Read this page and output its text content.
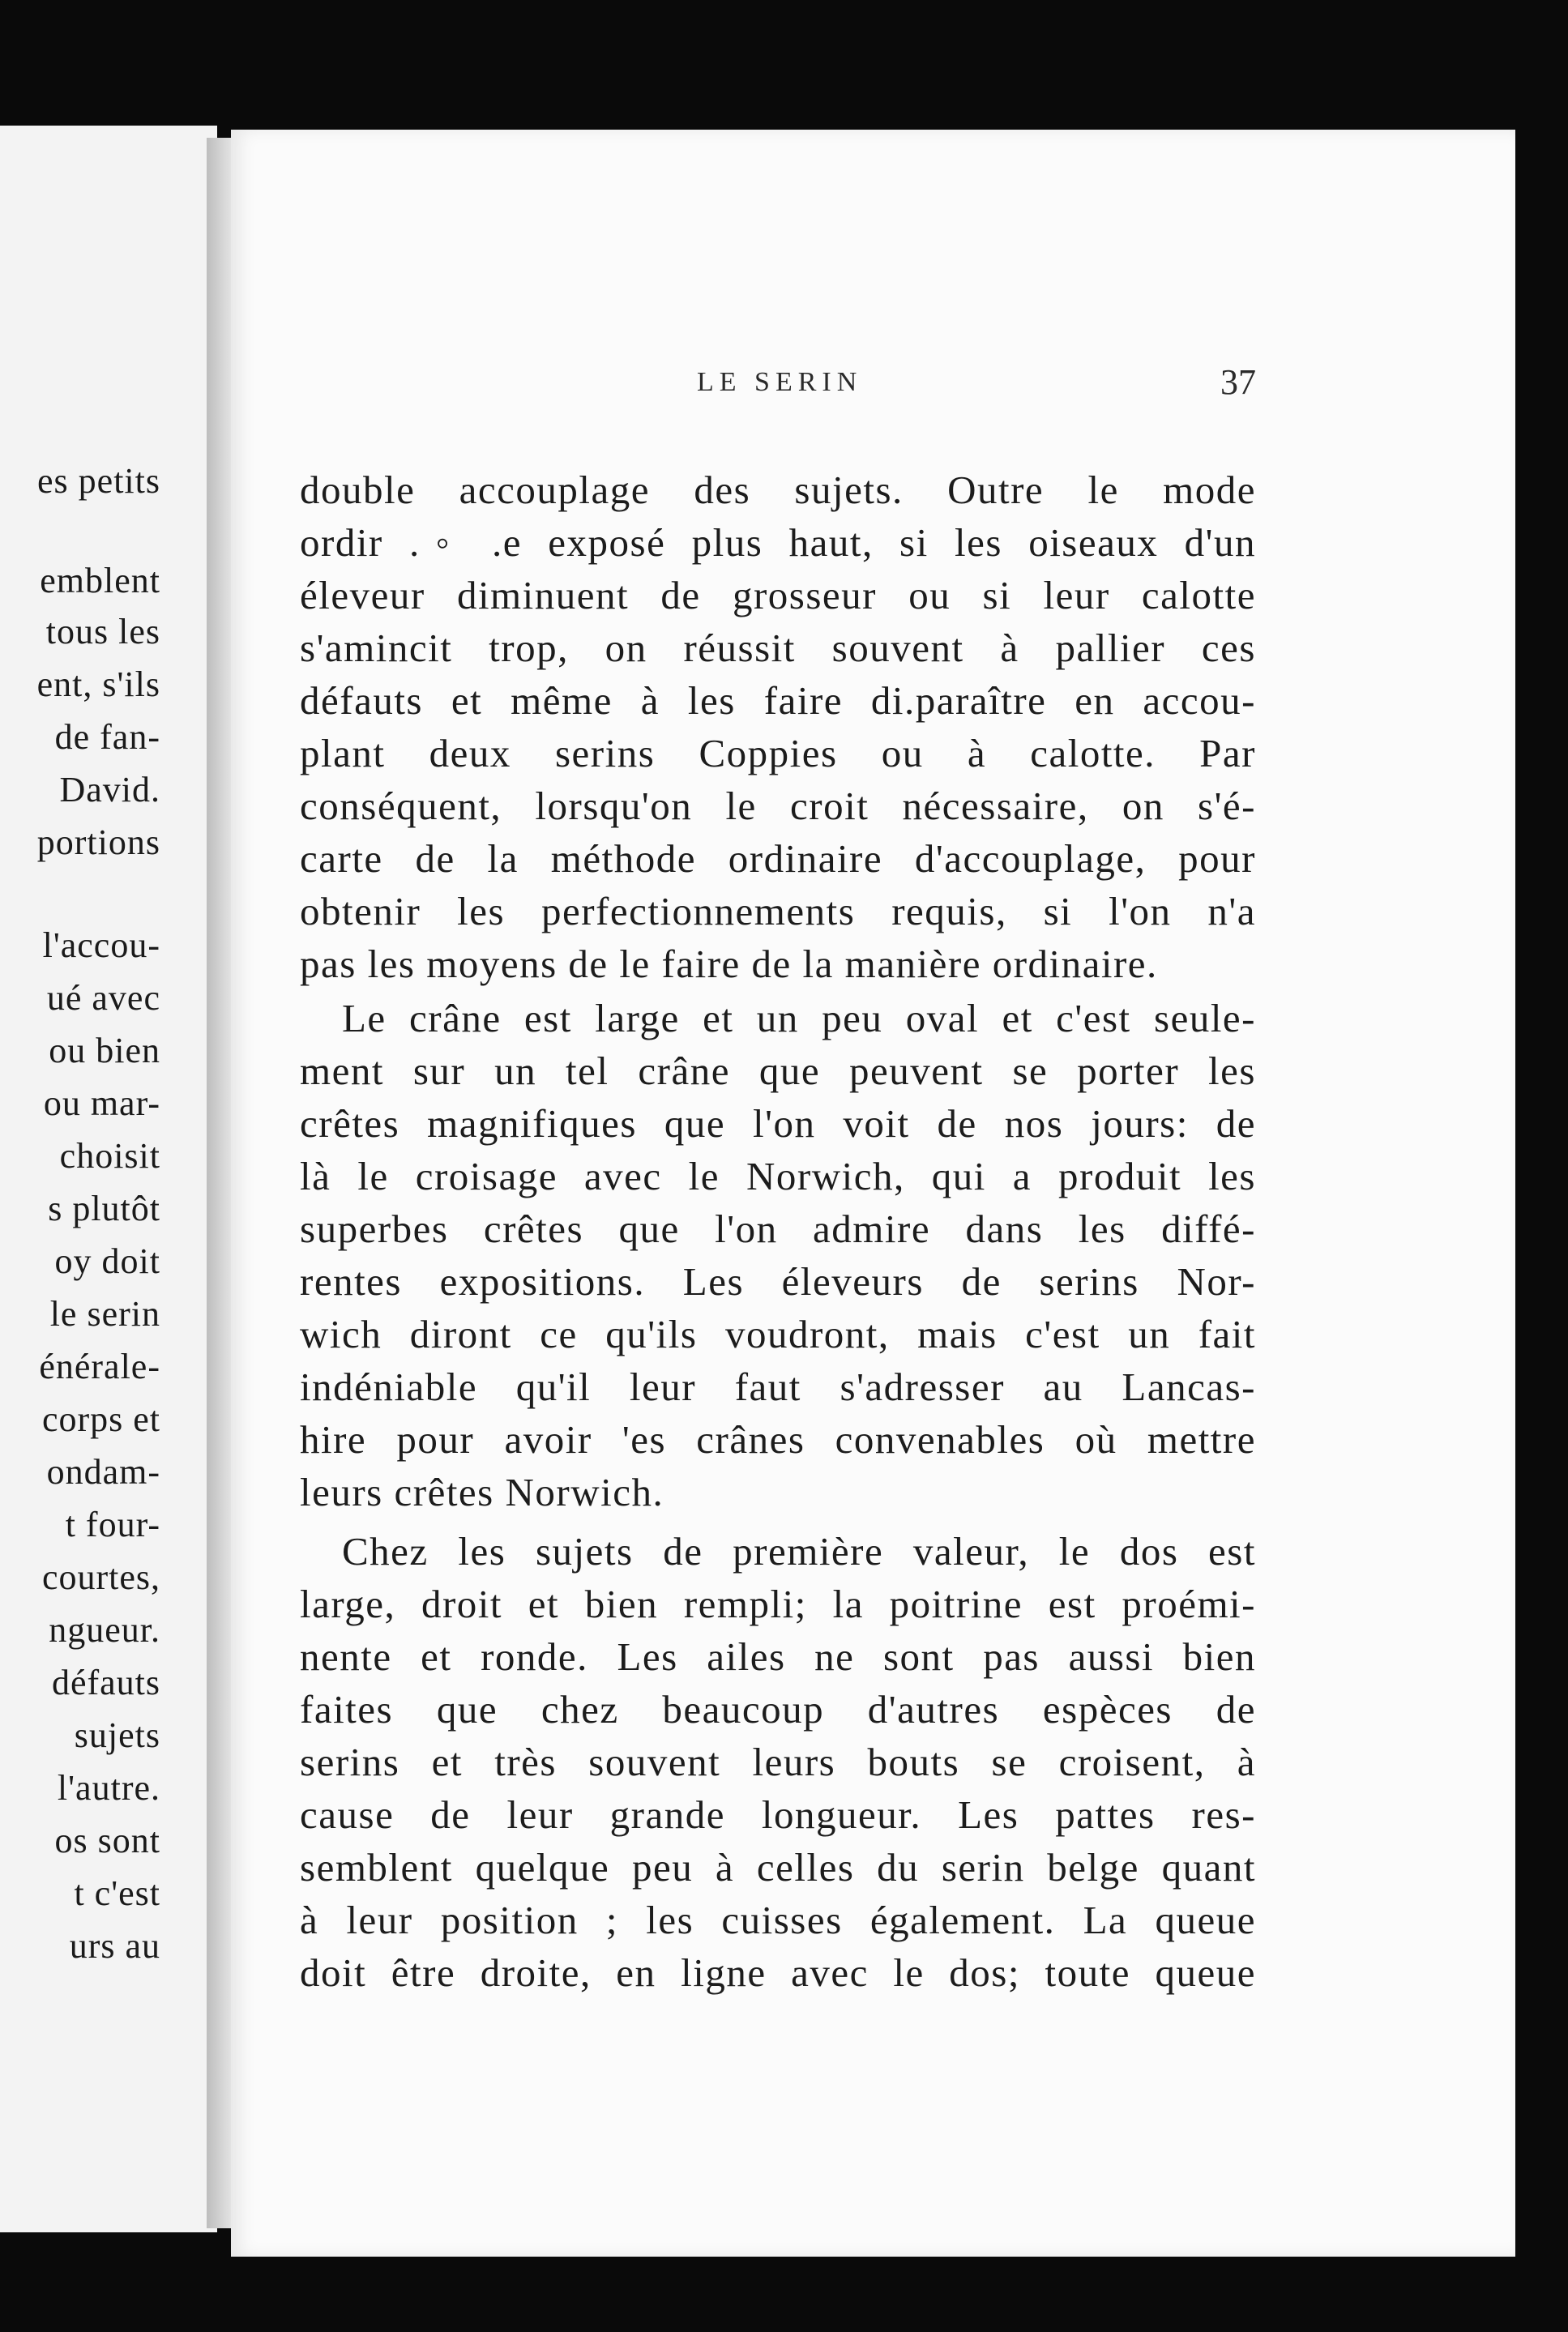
es petits
emblent
tous les
ent, s'ils
de fan-
David.
portions
l'accou-
ué avec
ou bien
ou mar-
choisit
s plutôt
oy doit
le serin
énérale-
corps et
ondam-
t four-
courtes,
ngueur.
défauts
sujets
l'autre.
os sont
t c'est
urs au
LE SERIN	37
double accouplage des sujets. Outre le mode
ordir .◦ .e exposé plus haut, si les oiseaux d'un
éleveur diminuent de grosseur ou si leur calotte
s'amincit trop, on réussit souvent à pallier ces
défauts et même à les faire di.paraître en accou-
plant deux serins Coppies ou à calotte. Par
conséquent, lorsqu'on le croit nécessaire, on s'é-
carte de la méthode ordinaire d'accouplage, pour
obtenir les perfectionnements requis, si l'on n'a
pas les moyens de le faire de la manière ordinaire.
Le crâne est large et un peu oval et c'est seule-
ment sur un tel crâne que peuvent se porter les
crêtes magnifiques que l'on voit de nos jours: de
là le croisage avec le Norwich, qui a produit les
superbes crêtes que l'on admire dans les diffé-
rentes expositions. Les éleveurs de serins Nor-
wich diront ce qu'ils voudront, mais c'est un fait
indéniable qu'il leur faut s'adresser au Lancas-
hire pour avoir 'es crânes convenables où mettre
leurs crêtes Norwich.
Chez les sujets de première valeur, le dos est
large, droit et bien rempli; la poitrine est proémi-
nente et ronde. Les ailes ne sont pas aussi bien
faites que chez beaucoup d'autres espèces de
serins et très souvent leurs bouts se croisent, à
cause de leur grande longueur. Les pattes res-
semblent quelque peu à celles du serin belge quant
à leur position ; les cuisses également. La queue
doit être droite, en ligne avec le dos; toute queue
